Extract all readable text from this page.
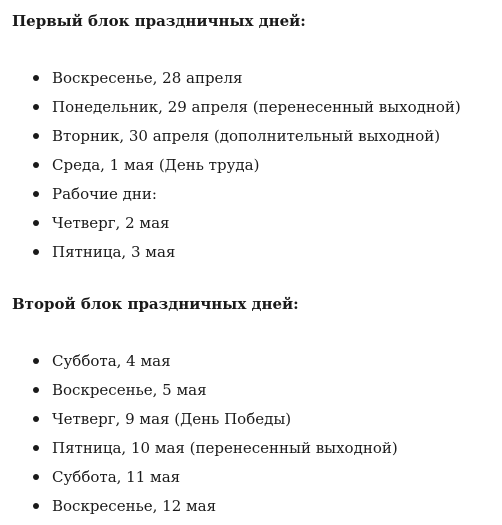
Первый блок праздничных дней:
Воскресенье, 28 апреля
Понедельник, 29 апреля (перенесенный выходной)
Вторник, 30 апреля (дополнительный выходной)
Среда, 1 мая (День труда)
Рабочие дни:
Четверг, 2 мая
Пятница, 3 мая
Второй блок праздничных дней:
Суббота, 4 мая
Воскресенье, 5 мая
Четверг, 9 мая (День Победы)
Пятница, 10 мая (перенесенный выходной)
Суббота, 11 мая
Воскресенье, 12 мая
